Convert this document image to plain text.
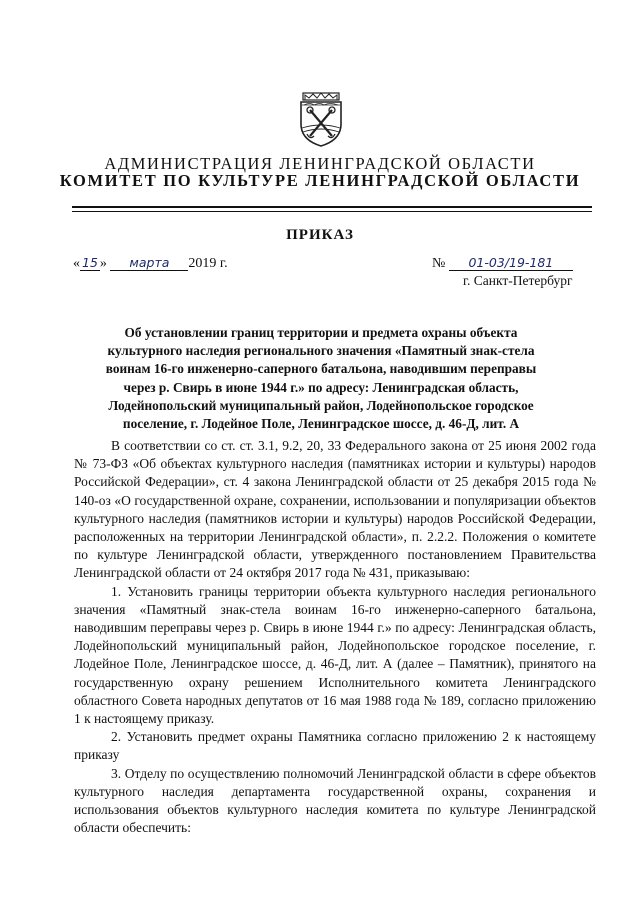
АДМИНИСТРАЦИЯ ЛЕНИНГРАДСКОЙ ОБЛАСТИ
КОМИТЕТ ПО КУЛЬТУРЕ ЛЕНИНГРАДСКОЙ ОБЛАСТИ
ПРИКАЗ
« 15 » марта 2019 г.	№ 01-03/19-181
г. Санкт-Петербург
Об установлении границ территории и предмета охраны объекта культурного наследия регионального значения «Памятный знак-стела воинам 16-го инженерно-саперного батальона, наводившим переправы через р. Свирь в июне 1944 г.» по адресу: Ленинградская область, Лодейнопольский муниципальный район, Лодейнопольское городское поселение, г. Лодейное Поле, Ленинградское шоссе, д. 46-Д, лит. А

В соответствии со ст. ст. 3.1, 9.2, 20, 33 Федерального закона от 25 июня 2002 года № 73-ФЗ «Об объектах культурного наследия (памятниках истории и культуры) народов Российской Федерации», ст. 4 закона Ленинградской области от 25 декабря 2015 года № 140-оз «О государственной охране, сохранении, использовании и популяризации объектов культурного наследия (памятников истории и культуры) народов Российской Федерации, расположенных на территории Ленинградской области», п. 2.2.2. Положения о комитете по культуре Ленинградской области, утвержденного постановлением Правительства Ленинградской области от 24 октября 2017 года № 431, приказываю:

1. Установить границы территории объекта культурного наследия регионального значения «Памятный знак-стела воинам 16-го инженерно-саперного батальона, наводившим переправы через р. Свирь в июне 1944 г.» по адресу: Ленинградская область, Лодейнопольский муниципальный район, Лодейнопольское городское поселение, г. Лодейное Поле, Ленинградское шоссе, д. 46-Д, лит. А (далее – Памятник), принятого на государственную охрану решением Исполнительного комитета Ленинградского областного Совета народных депутатов от 16 мая 1988 года № 189, согласно приложению 1 к настоящему приказу.

2. Установить предмет охраны Памятника согласно приложению 2 к настоящему приказу

3. Отделу по осуществлению полномочий Ленинградской области в сфере объектов культурного наследия департамента государственной охраны, сохранения и использования объектов культурного наследия комитета по культуре Ленинградской области обеспечить:
